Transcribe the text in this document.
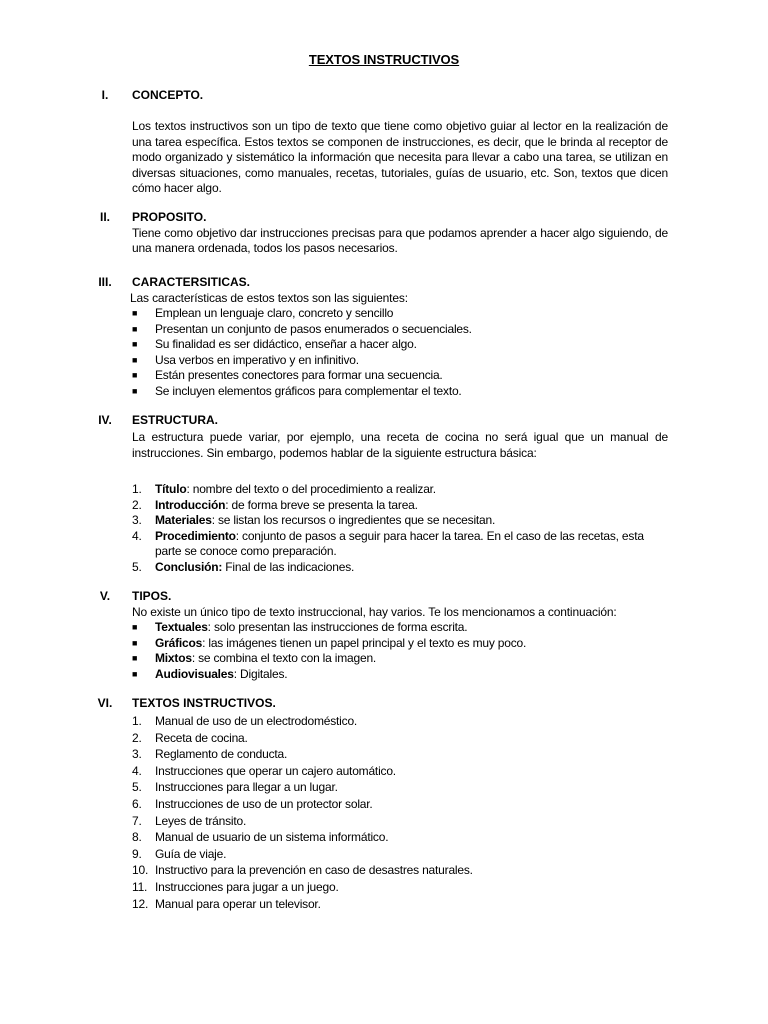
TEXTOS INSTRUCTIVOS
I.	CONCEPTO.

Los textos instructivos son un tipo de texto que tiene como objetivo guiar al lector en la realización de una tarea específica. Estos textos se componen de instrucciones, es decir, que le brinda al receptor de modo organizado y sistemático la información que necesita para llevar a cabo una tarea, se utilizan en diversas situaciones, como manuales, recetas, tutoriales, guías de usuario, etc. Son, textos que dicen cómo hacer algo.

II.	PROPOSITO.

Tiene como objetivo dar instrucciones precisas para que podamos aprender a hacer algo siguiendo, de una manera ordenada, todos los pasos necesarios.

III.	CARACTERSITICAS.

Las características de estos textos son las siguientes:

■	Emplean un lenguaje claro, concreto y sencillo
■	Presentan un conjunto de pasos enumerados o secuenciales.
■	Su finalidad es ser didáctico, enseñar a hacer algo.
■	Usa verbos en imperativo y en infinitivo.
■	Están presentes conectores para formar una secuencia.
■	Se incluyen elementos gráficos para complementar el texto.
IV.	ESTRUCTURA.

La estructura puede variar, por ejemplo, una receta de cocina no será igual que un manual de instrucciones. Sin embargo, podemos hablar de la siguiente estructura básica:

1. Título: nombre del texto o del procedimiento a realizar.
2. Introducción: de forma breve se presenta la tarea.
3. Materiales: se listan los recursos o ingredientes que se necesitan.
4. Procedimiento: conjunto de pasos a seguir para hacer la tarea. En el caso de las recetas, esta parte se conoce como preparación.
5. Conclusión: Final de las indicaciones.
V.	TIPOS.

No existe un único tipo de texto instruccional, hay varios. Te los mencionamos a continuación:

■	Textuales: solo presentan las instrucciones de forma escrita.
■	Gráficos: las imágenes tienen un papel principal y el texto es muy poco.
■	Mixtos: se combina el texto con la imagen.
■	Audiovisuales: Digitales.
VI.	TEXTOS INSTRUCTIVOS.
1. Manual de uso de un electrodoméstico.
2. Receta de cocina.
3. Reglamento de conducta.
4. Instrucciones que operar un cajero automático.
5. Instrucciones para llegar a un lugar.
6. Instrucciones de uso de un protector solar.
7. Leyes de tránsito.
8. Manual de usuario de un sistema informático.
9. Guía de viaje.
10. Instructivo para la prevención en caso de desastres naturales.
11. Instrucciones para jugar a un juego.
12. Manual para operar un televisor.
